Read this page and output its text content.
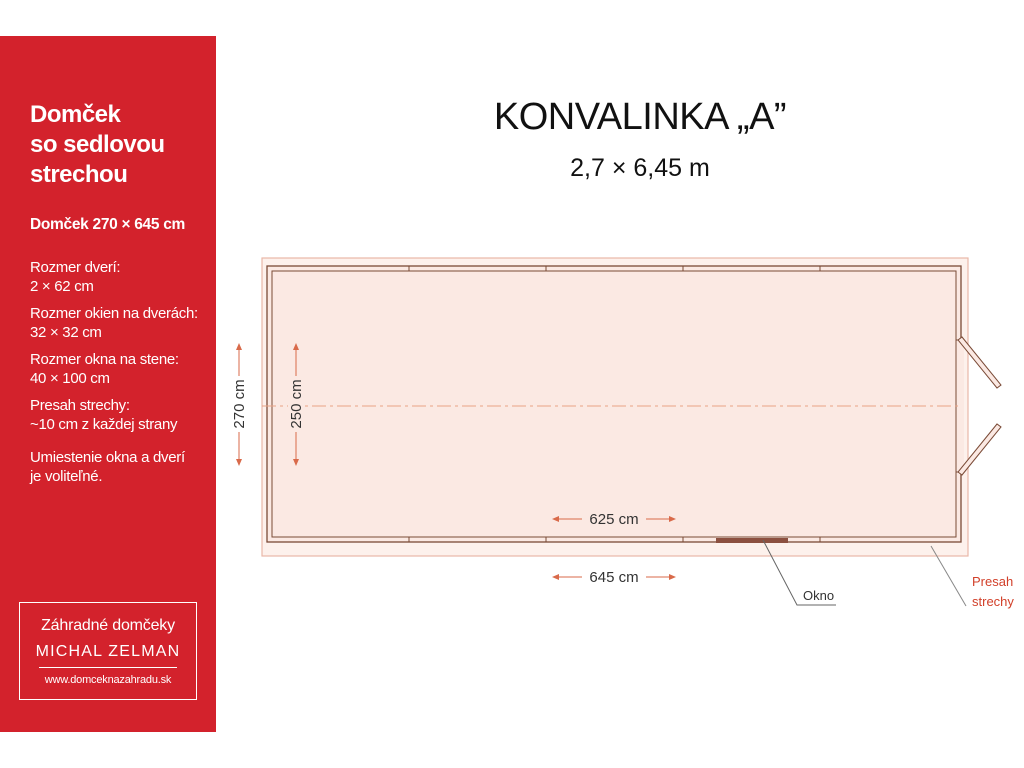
Domček
so sedlovou
strechou
Domček 270 × 645 cm
Rozmer dverí:
2 × 62 cm
Rozmer okien na dverách:
32 × 32 cm
Rozmer okna na stene:
40 × 100 cm
Presah strechy:
~10 cm z každej strany
Umiestenie okna a dverí
je voliteľné.
Záhradné domčeky
MICHAL ZELMAN
www.domceknazahradu.sk
KONVALINKA „A”
2,7 × 6,45 m
270 cm	250 cm
625 cm
645 cm
Okno
Presah
strechy
